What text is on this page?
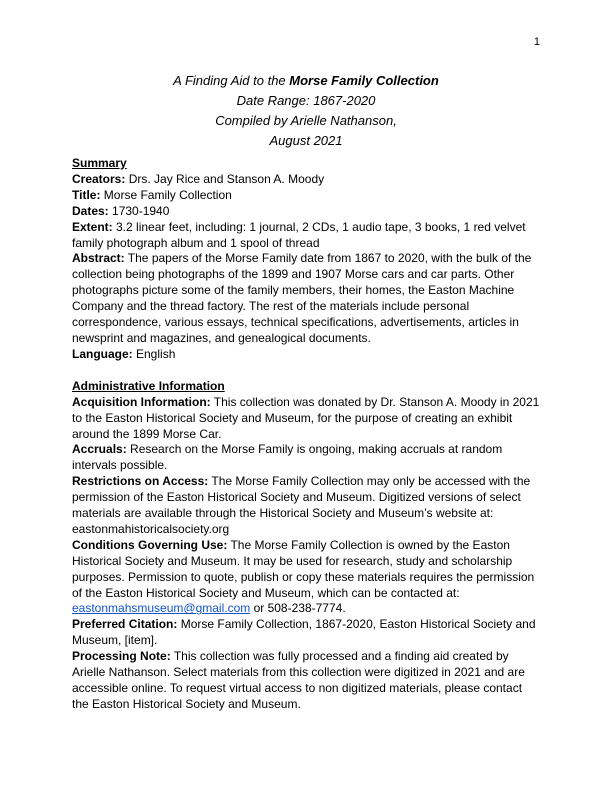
1
A Finding Aid to the Morse Family Collection
Date Range: 1867-2020
Compiled by Arielle Nathanson,
August 2021
Summary
Creators: Drs. Jay Rice and Stanson A. Moody
Title: Morse Family Collection
Dates: 1730-1940
Extent: 3.2 linear feet, including: 1 journal, 2 CDs, 1 audio tape, 3 books, 1 red velvet family photograph album and 1 spool of thread
Abstract: The papers of the Morse Family date from 1867 to 2020, with the bulk of the collection being photographs of the 1899 and 1907 Morse cars and car parts. Other photographs picture some of the family members, their homes, the Easton Machine Company and the thread factory. The rest of the materials include personal correspondence, various essays, technical specifications, advertisements, articles in newsprint and magazines, and genealogical documents.
Language: English
Administrative Information
Acquisition Information: This collection was donated by Dr. Stanson A. Moody in 2021 to the Easton Historical Society and Museum, for the purpose of creating an exhibit around the 1899 Morse Car.
Accruals: Research on the Morse Family is ongoing, making accruals at random intervals possible.
Restrictions on Access: The Morse Family Collection may only be accessed with the permission of the Easton Historical Society and Museum. Digitized versions of select materials are available through the Historical Society and Museum’s website at: eastonmahistoricalsociety.org
Conditions Governing Use: The Morse Family Collection is owned by the Easton Historical Society and Museum. It may be used for research, study and scholarship purposes. Permission to quote, publish or copy these materials requires the permission of the Easton Historical Society and Museum, which can be contacted at: eastonmahsmuseum@gmail.com or 508-238-7774.
Preferred Citation: Morse Family Collection, 1867-2020, Easton Historical Society and Museum, [item].
Processing Note: This collection was fully processed and a finding aid created by Arielle Nathanson. Select materials from this collection were digitized in 2021 and are accessible online. To request virtual access to non digitized materials, please contact the Easton Historical Society and Museum.
